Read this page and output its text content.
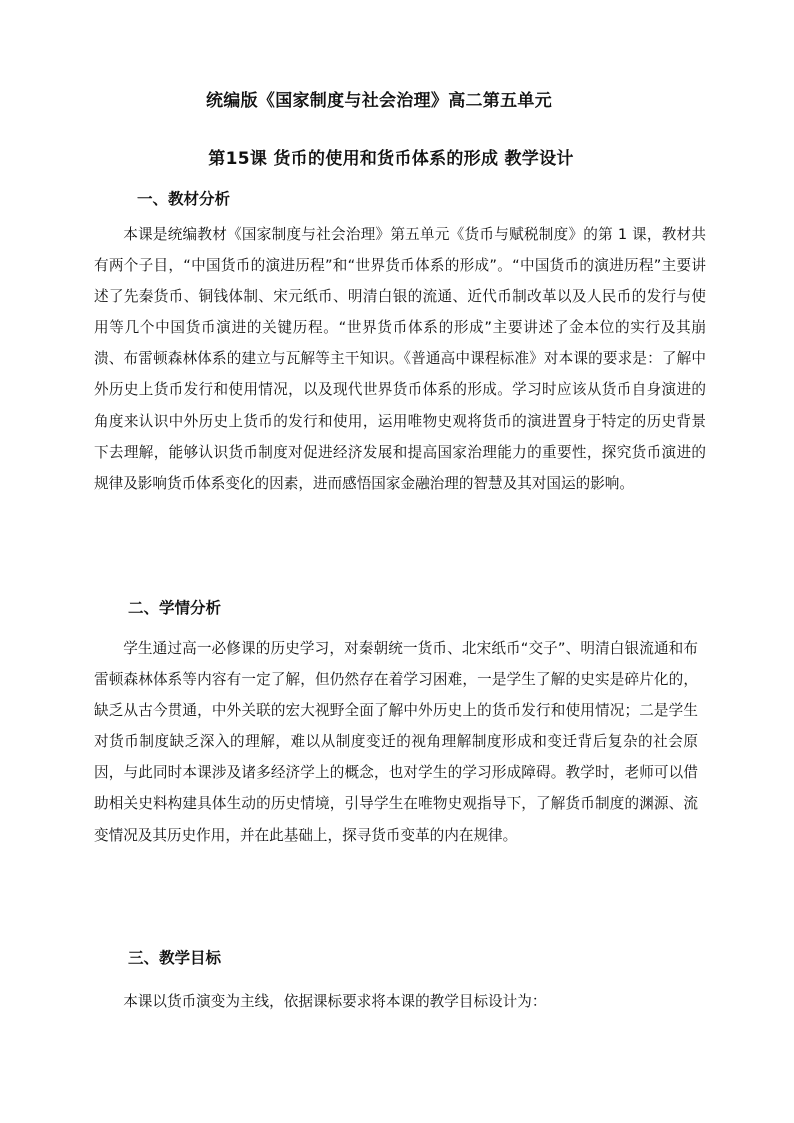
统编版《国家制度与社会治理》高二第五单元
第15课 货币的使用和货币体系的形成 教学设计
一、教材分析

本课是统编教材《国家制度与社会治理》第五单元《货币与赋税制度》的第 1 课，教材共有两个子目，“中国货币的演进历程”和“世界货币体系的形成”。“中国货币的演进历程”主要讲述了先秦货币、铜钱体制、宋元纸币、明清白银的流通、近代币制改革以及人民币的发行与使用等几个中国货币演进的关键历程。“世界货币体系的形成”主要讲述了金本位的实行及其崩溃、布雷顿森林体系的建立与瓦解等主干知识。《普通高中课程标准》对本课的要求是：了解中外历史上货币发行和使用情况，以及现代世界货币体系的形成。学习时应该从货币自身演进的角度来认识中外历史上货币的发行和使用，运用唯物史观将货币的演进置身于特定的历史背景下去理解，能够认识货币制度对促进经济发展和提高国家治理能力的重要性，探究货币演进的规律及影响货币体系变化的因素，进而感悟国家金融治理的智慧及其对国运的影响。

二、学情分析

学生通过高一必修课的历史学习，对秦朝统一货币、北宋纸币“交子”、明清白银流通和布雷顿森林体系等内容有一定了解，但仍然存在着学习困难，一是学生了解的史实是碎片化的，缺乏从古今贯通，中外关联的宏大视野全面了解中外历史上的货币发行和使用情况；二是学生对货币制度缺乏深入的理解，难以从制度变迁的视角理解制度形成和变迁背后复杂的社会原因，与此同时本课涉及诸多经济学上的概念，也对学生的学习形成障碍。教学时，老师可以借助相关史料构建具体生动的历史情境，引导学生在唯物史观指导下，了解货币制度的渊源、流变情况及其历史作用，并在此基础上，探寻货币变革的内在规律。

三、教学目标

本课以货币演变为主线，依据课标要求将本课的教学目标设计为：
